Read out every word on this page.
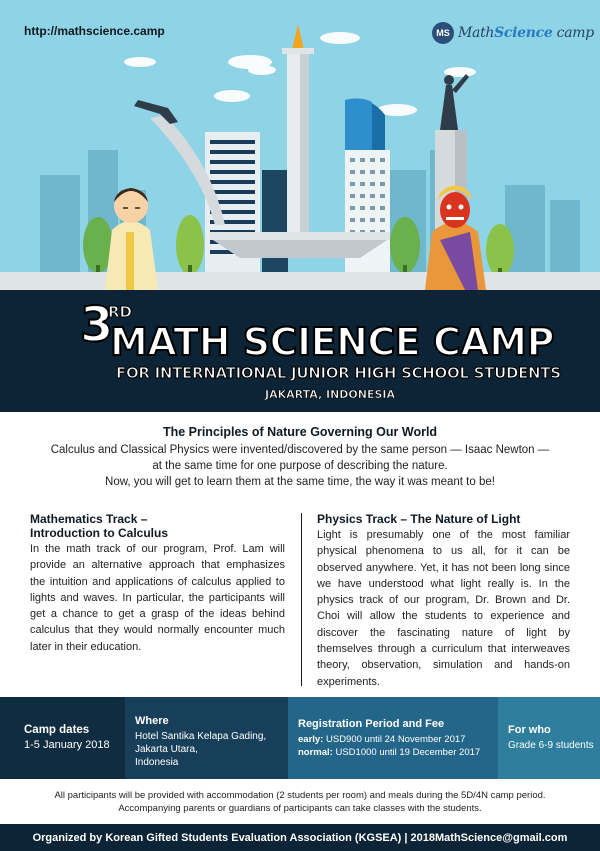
http://mathscience.camp	MS MathScience camp
3
RD
MATH SCIENCE CAMP
FOR INTERNATIONAL JUNIOR HIGH SCHOOL STUDENTS
JAKARTA, INDONESIA
The Principles of Nature Governing Our World
Calculus and Classical Physics were invented/discovered by the same person — Isaac Newton —
at the same time for one purpose of describing the nature.
Now, you will get to learn them at the same time, the way it was meant to be!
Mathematics Track –
Introduction to Calculus
In the math track of our program, Prof. Lam will provide an alternative approach that emphasizes the intuition and applications of calculus applied to lights and waves. In particular, the participants will get a chance to get a grasp of the ideas behind calculus that they would normally encounter much later in their education.
Physics Track – The Nature of Light
Light is presumably one of the most familiar physical phenomena to us all, for it can be observed anywhere. Yet, it has not been long since we have understood what light really is. In the physics track of our program, Dr. Brown and Dr. Choi will allow the students to experience and discover the fascinating nature of light by themselves through a curriculum that interweaves theory, observation, simulation and hands-on experiments.
Camp dates
1-5 January 2018
Where
Hotel Santika Kelapa Gading,
Jakarta Utara,
Indonesia
Registration Period and Fee
early: USD900 until 24 November 2017
normal: USD1000 until 19 December 2017
For who
Grade 6-9 students
All participants will be provided with accommodation (2 students per room) and meals during the 5D/4N camp period.
Accompanying parents or guardians of participants can take classes with the students.
Organized by Korean Gifted Students Evaluation Association (KGSEA) | 2018MathScience@gmail.com
